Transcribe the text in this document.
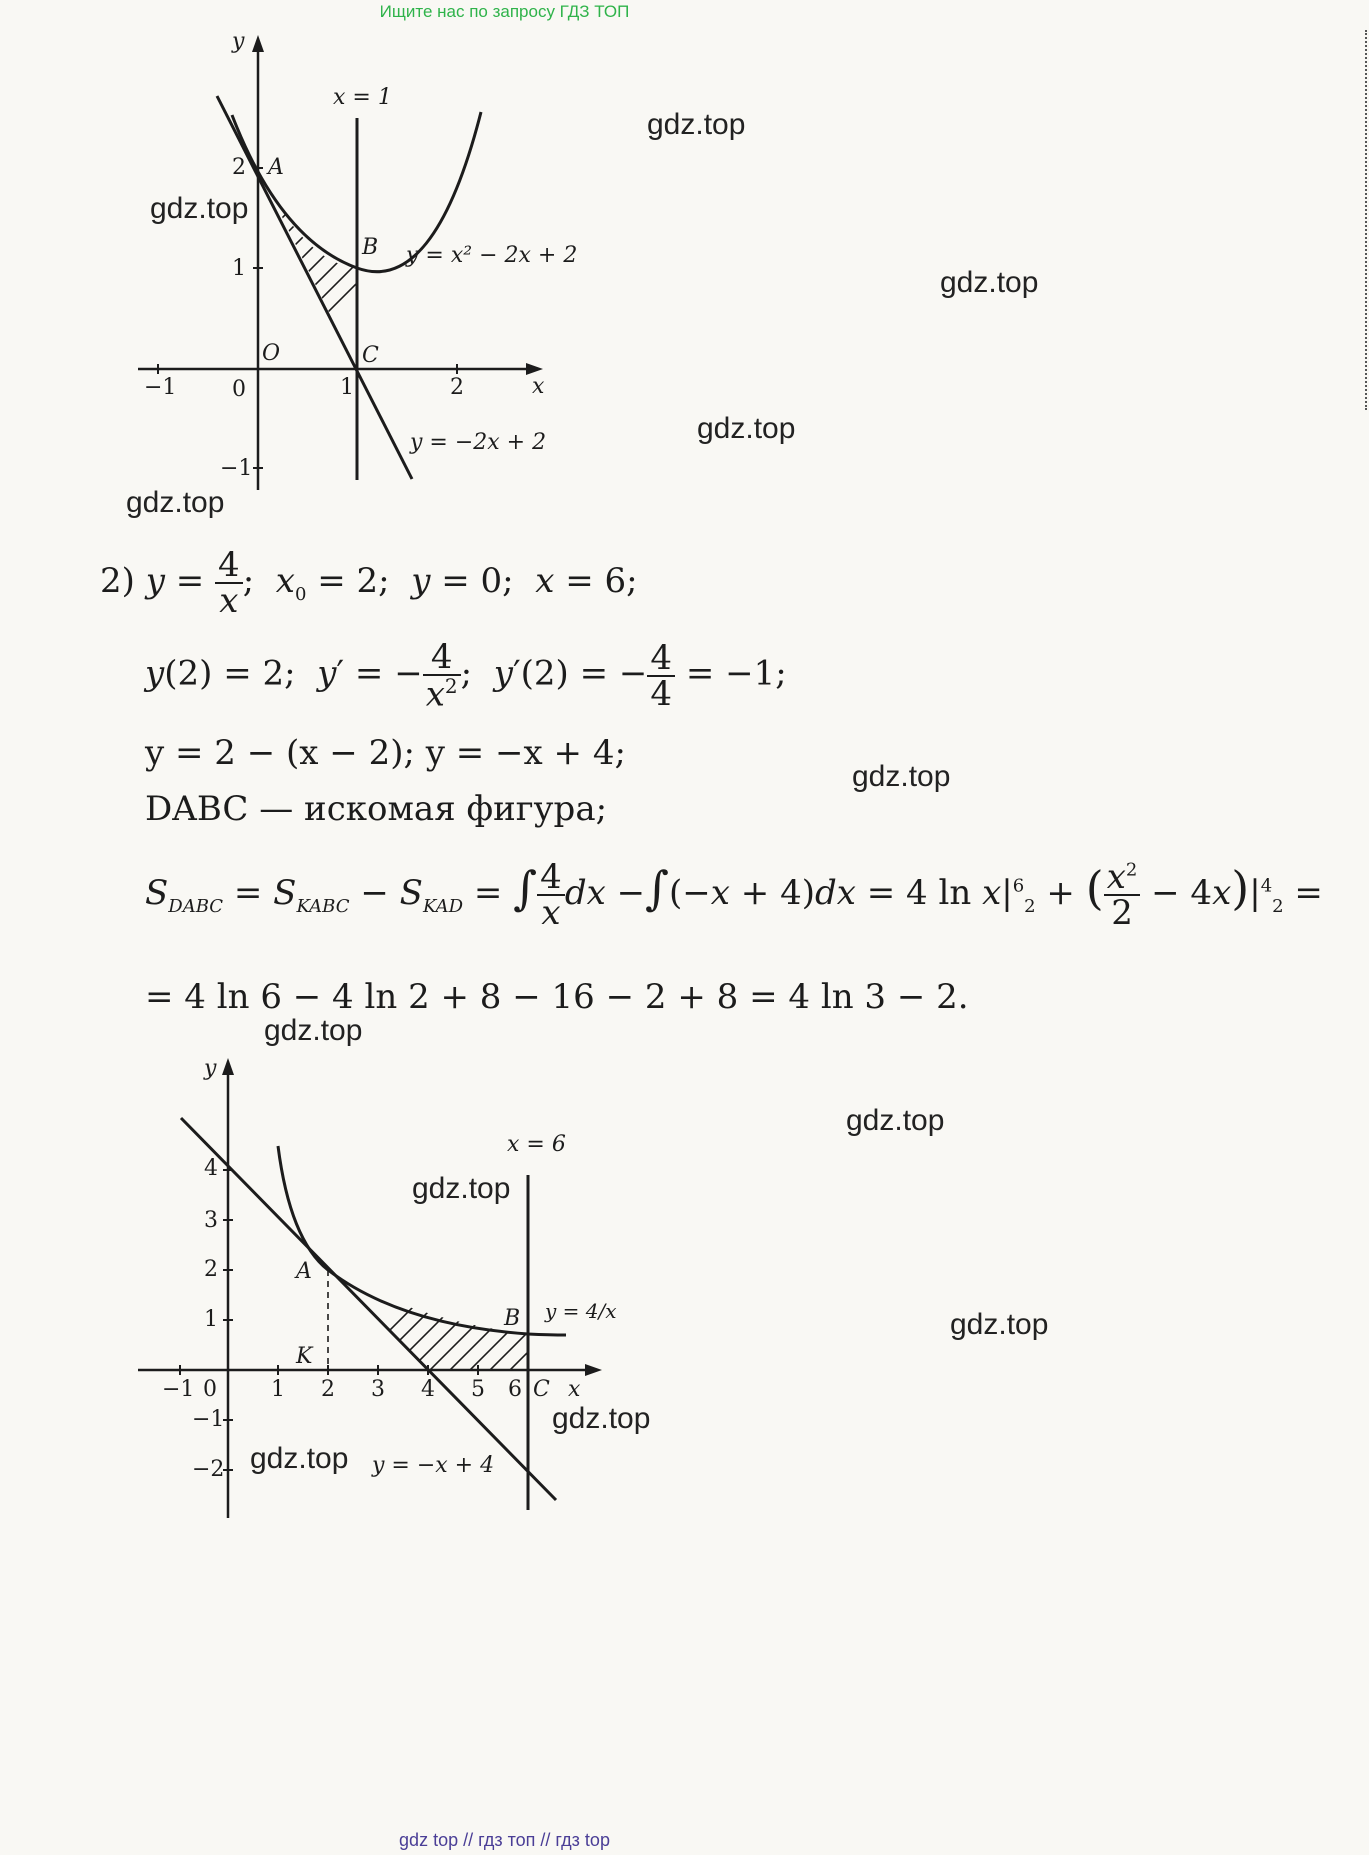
Ищите нас по запросу ГДЗ ТОП
y
x
−1	0	1	2
2
1
−1
O
A
B
C
x = 1
y = x² − 2x + 2
y = −2x + 2
gdz.top
gdz.top
gdz.top
gdz.top
gdz.top
gdz.top
gdz.top
gdz.top
gdz.top
gdz.top
gdz.top
gdz.top
2) $y = \frac{4}{x}$ ;  $x_0 = 2$;  y = 0;  x = 6;
y(2) = 2;  y′ = − $\frac{4}{x^2}$ ;  y′(2) = − $\frac{4}{4} = -1$;
y = 2 − (x − 2); y = −x + 4;
DABC — искомая фигура;
$S_{DABC} = S_{KABC} - S_{KAD}$ = ∫ $\frac{4}{x}$ dx −∫(−x + 4)dx = 4 $\ln x|^6_2$ + ( $\frac{x^2}{2} - 4x)|^4_2$ =
= 4 ln 6 − 4 ln 2 + 8 − 16 − 2 + 8 = 4 ln 3 − 2.
y
x
−1 0 1 2 3 4 5 6
4
3
2
1
−1
−2
A
B
C
K
x = 6
y = 4/x
y = −x + 4
gdz top // гдз топ // гдз top
